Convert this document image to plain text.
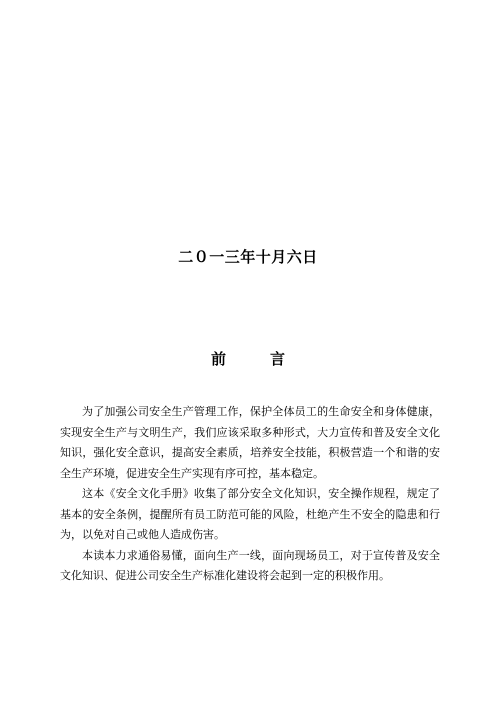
二０一三年十月六日
前	言

为了加强公司安全生产管理工作，保护全体员工的生命安全和身体健康，实现安全生产与文明生产，我们应该采取多种形式，大力宣传和普及安全文化知识，强化安全意识，提高安全素质，培养安全技能，积极营造一个和谐的安全生产环境，促进安全生产实现有序可控，基本稳定。

这本《安全文化手册》收集了部分安全文化知识，安全操作规程，规定了基本的安全条例，提醒所有员工防范可能的风险，杜绝产生不安全的隐患和行为，以免对自己或他人造成伤害。

本读本力求通俗易懂，面向生产一线，面向现场员工，对于宣传普及安全文化知识、促进公司安全生产标准化建设将会起到一定的积极作用。
